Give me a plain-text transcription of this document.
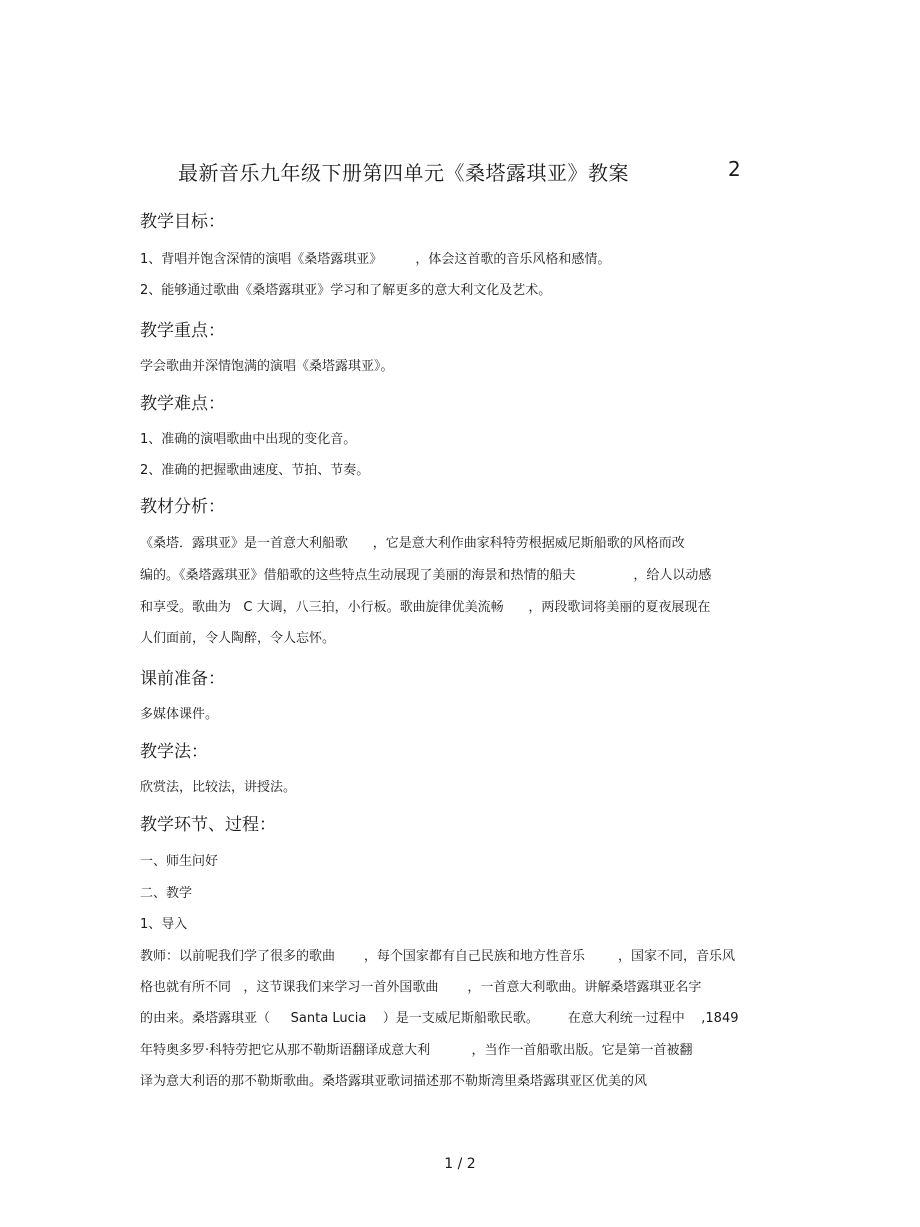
最新音乐九年级下册第四单元《桑塔露琪亚》教案	2
教学目标：
1、背唱并饱含深情的演唱《桑塔露琪亚》        ，体会这首歌的音乐风格和感情。
2、能够通过歌曲《桑塔露琪亚》学习和了解更多的意大利文化及艺术。
教学重点：
学会歌曲并深情饱满的演唱《桑塔露琪亚》。
教学难点：
1、准确的演唱歌曲中出现的变化音。
2、准确的把握歌曲速度、节拍、节奏。
教材分析：
《桑塔．露琪亚》是一首意大利船歌      ，它是意大利作曲家科特劳根据威尼斯船歌的风格而改
编的。《桑塔露琪亚》借船歌的这些特点生动展现了美丽的海景和热情的船夫              ，给人以动感
和享受。歌曲为   C 大调，八三拍，小行板。歌曲旋律优美流畅      ，两段歌词将美丽的夏夜展现在
人们面前，令人陶醉，令人忘怀。
课前准备：
多媒体课件。
教学法：
欣赏法，比较法，讲授法。
教学环节、过程：
一、师生问好
二、教学
1、导入
教师：以前呢我们学了很多的歌曲       ，每个国家都有自己民族和地方性音乐        ，国家不同，音乐风
格也就有所不同   ，这节课我们来学习一首外国歌曲       ，一首意大利歌曲。讲解桑塔露琪亚名字
的由来。桑塔露琪亚（     Santa Lucia    ）是一支威尼斯船歌民歌。       在意大利统一过程中    ,1849
年特奥多罗·科特劳把它从那不勒斯语翻译成意大利          ，当作一首船歌出版。它是第一首被翻
译为意大利语的那不勒斯歌曲。桑塔露琪亚歌词描述那不勒斯湾里桑塔露琪亚区优美的风
1 / 2
